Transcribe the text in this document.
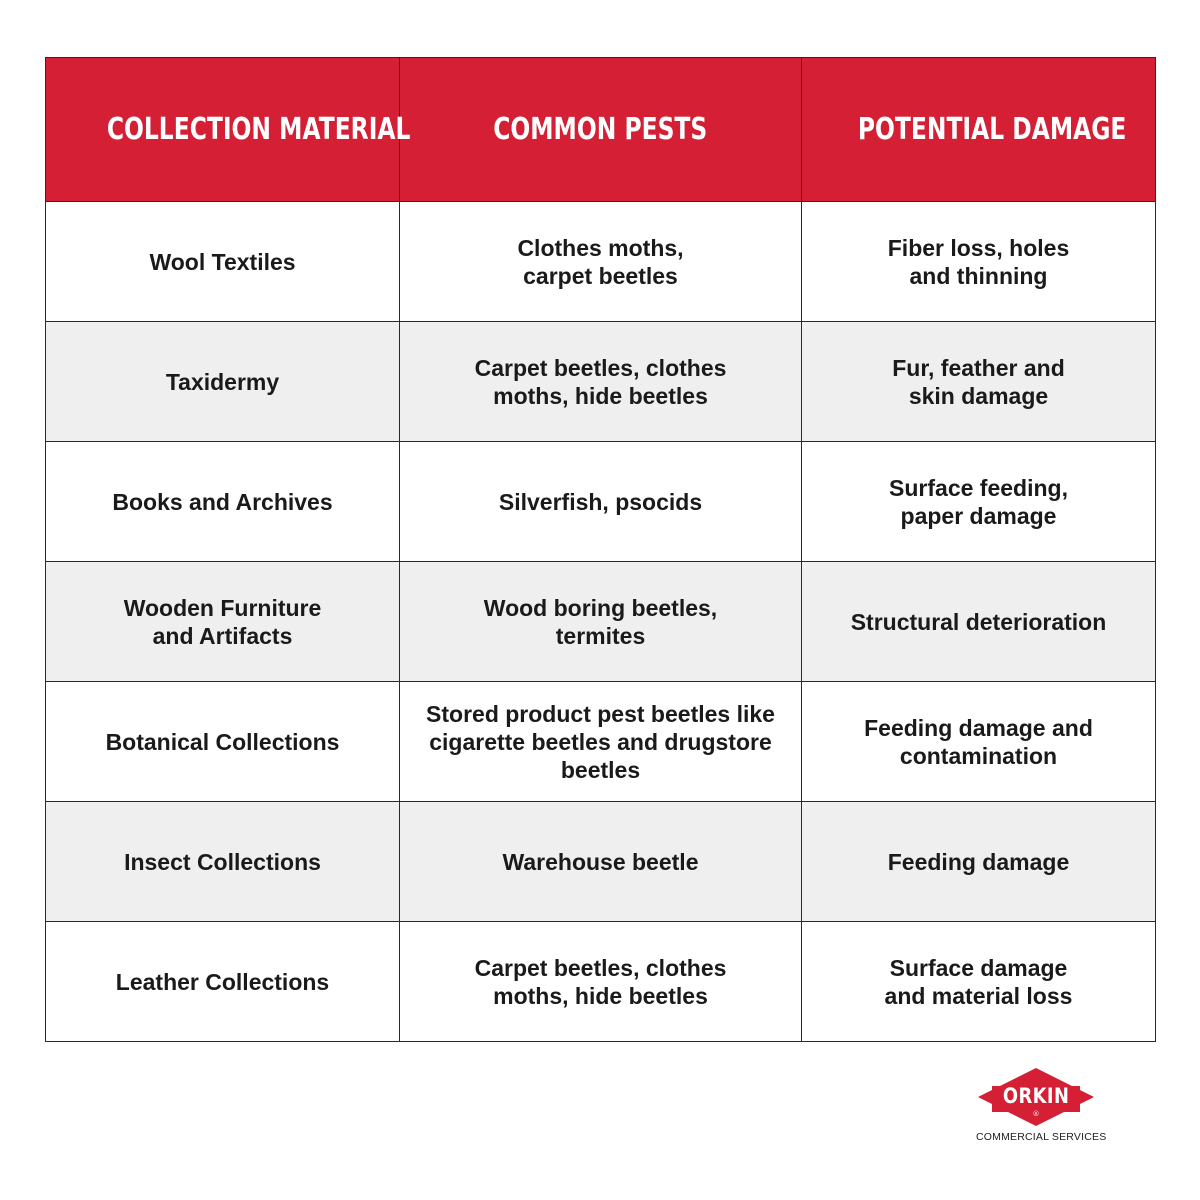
COLLECTION MATERIAL	COMMON PESTS	POTENTIAL DAMAGE
Wool Textiles	Clothes moths, carpet beetles	Fiber loss, holes and thinning
Taxidermy	Carpet beetles, clothes moths, hide beetles	Fur, feather and skin damage
Books and Archives	Silverfish, psocids	Surface feeding, paper damage
Wooden Furniture and Artifacts	Wood boring beetles, termites	Structural deterioration
Botanical Collections	Stored product pest beetles like cigarette beetles and drugstore beetles	Feeding damage and contamination
Insect Collections	Warehouse beetle	Feeding damage
Leather Collections	Carpet beetles, clothes moths, hide beetles	Surface damage and material loss
ORKIN
®
COMMERCIAL SERVICES
